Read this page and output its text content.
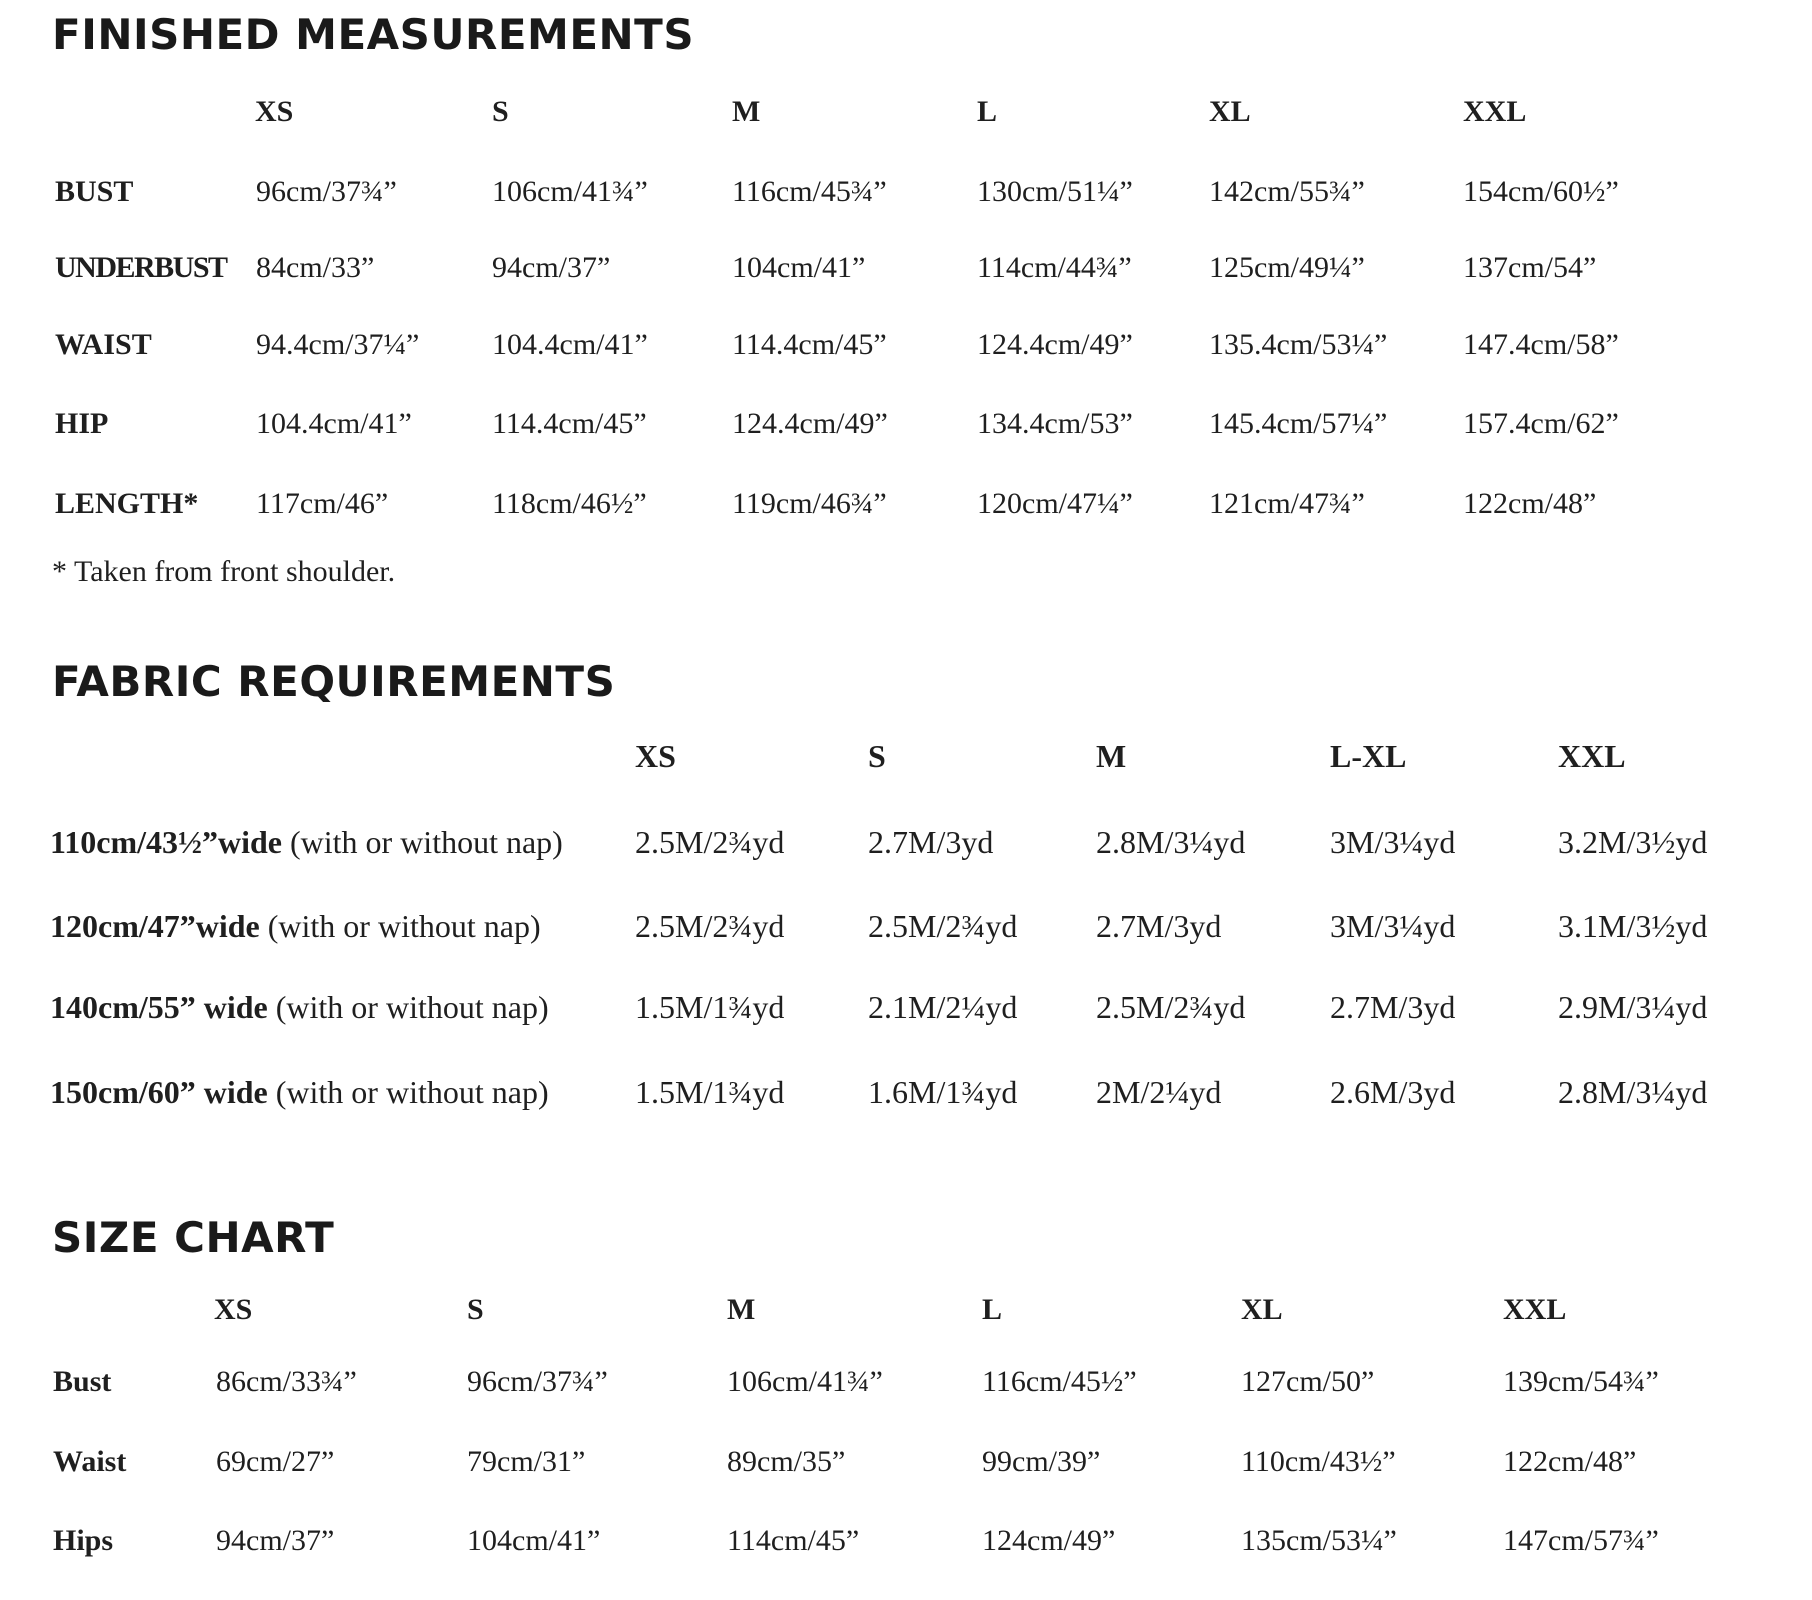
FINISHED MEASUREMENTS
XS	S	M	L	XL	XXL
BUST	96cm/37¾”	106cm/41¾”	116cm/45¾”	130cm/51¼”	142cm/55¾”	154cm/60½”
UNDERBUST 84cm/33”	94cm/37”	104cm/41”	114cm/44¾”	125cm/49¼”	137cm/54”
WAIST	94.4cm/37¼” 104.4cm/41”	114.4cm/45”	124.4cm/49”	135.4cm/53¼”	147.4cm/58”
HIP	104.4cm/41”	114.4cm/45”	124.4cm/49”	134.4cm/53”	145.4cm/57¼”	157.4cm/62”
LENGTH* 117cm/46”	118cm/46½”	119cm/46¾”	120cm/47¼”	121cm/47¾”	122cm/48”
* Taken from front shoulder.
FABRIC REQUIREMENTS
XS	S	M	L-XL	XXL
110cm/43½”wide (with or without nap) 2.5M/2¾yd	2.7M/3yd	2.8M/3¼yd	3M/3¼yd	3.2M/3½yd
120cm/47”wide (with or without nap)	2.5M/2¾yd	2.5M/2¾yd 2.7M/3yd	3M/3¼yd	3.1M/3½yd
140cm/55” wide (with or without nap)	1.5M/1¾yd	2.1M/2¼yd 2.5M/2¾yd	2.7M/3yd	2.9M/3¼yd
150cm/60” wide (with or without nap)	1.5M/1¾yd	1.6M/1¾yd 2M/2¼yd	2.6M/3yd	2.8M/3¼yd
SIZE CHART
XS	S	M	L	XL	XXL
Bust	86cm/33¾”	96cm/37¾”	106cm/41¾”	116cm/45½”	127cm/50”	139cm/54¾”
Waist	69cm/27”	79cm/31”	89cm/35”	99cm/39”	110cm/43½”	122cm/48”
Hips	94cm/37”	104cm/41”	114cm/45”	124cm/49”	135cm/53¼”	147cm/57¾”
